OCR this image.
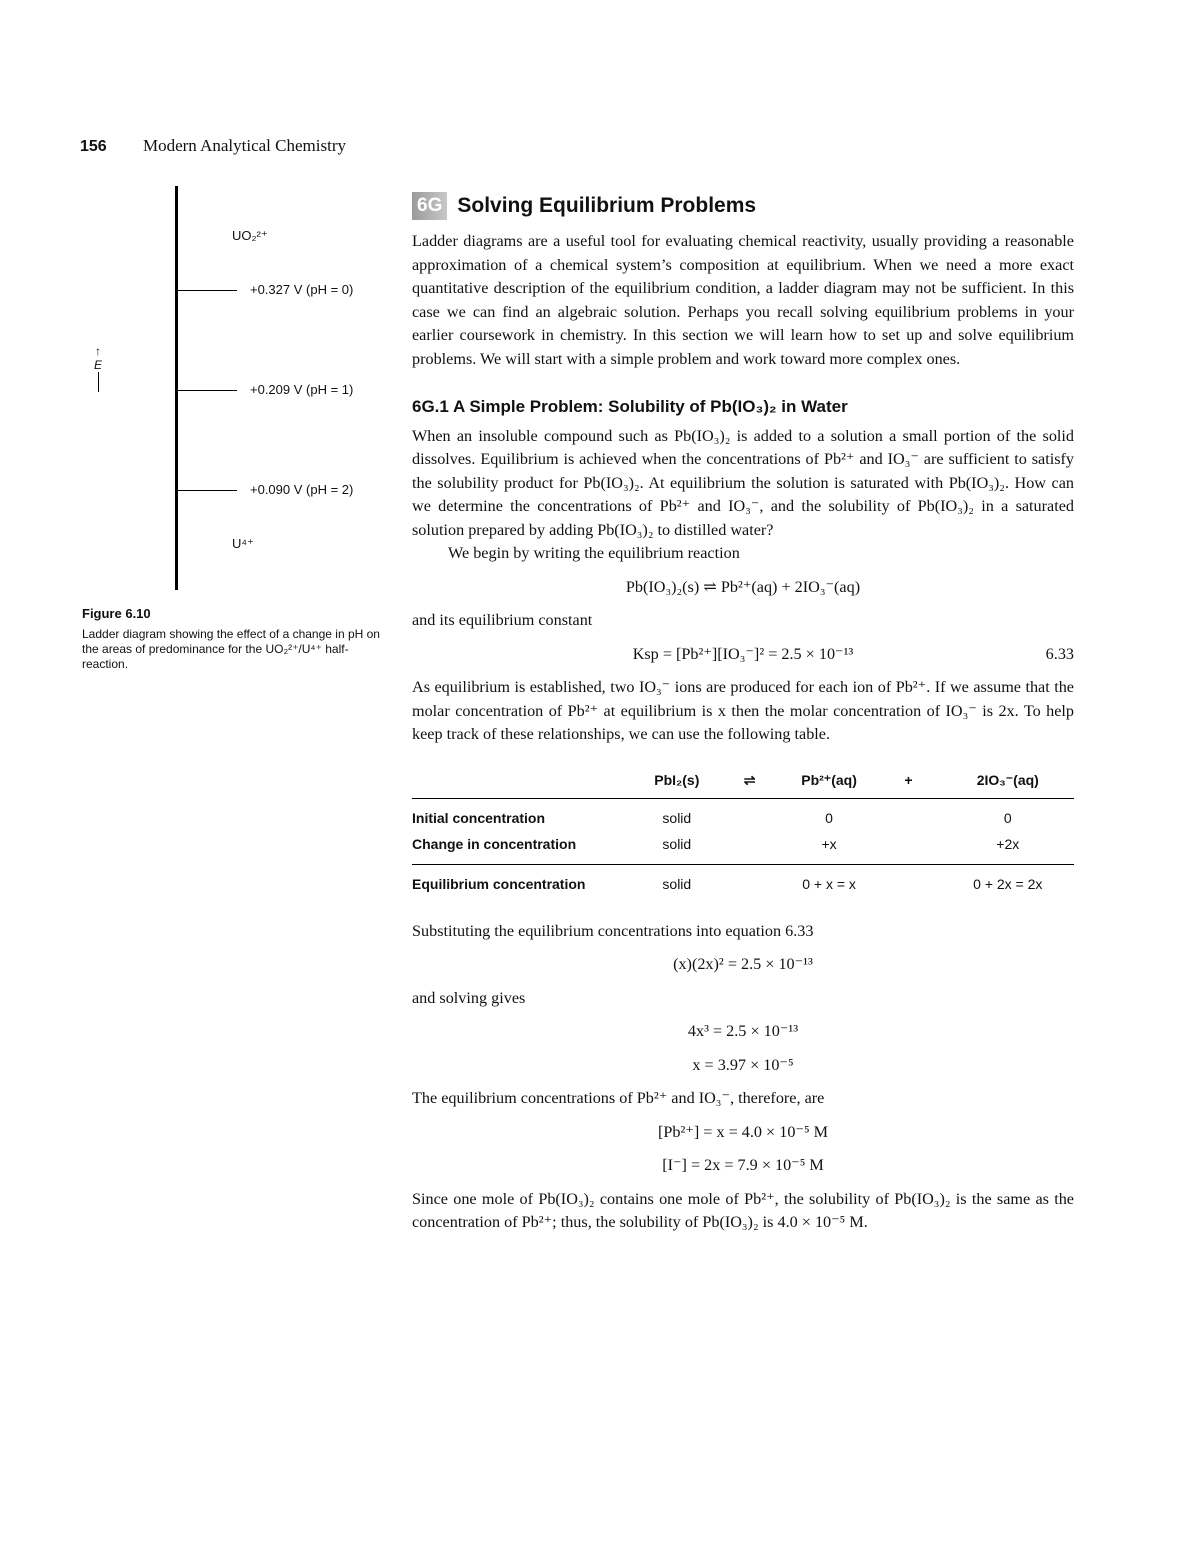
156 Modern Analytical Chemistry
UO₂²⁺
+0.327 V (pH = 0)
+0.209 V (pH = 1)
+0.090 V (pH = 2)
U⁴⁺
↑
E
Figure 6.10
Ladder diagram showing the effect of a change in pH on the areas of predominance for the UO₂²⁺/U⁴⁺ half-reaction.
6G Solving Equilibrium Problems

Ladder diagrams are a useful tool for evaluating chemical reactivity, usually providing a reasonable approximation of a chemical system’s composition at equilibrium. When we need a more exact quantitative description of the equilibrium condition, a ladder diagram may not be sufficient. In this case we can find an algebraic solution. Perhaps you recall solving equilibrium problems in your earlier coursework in chemistry. In this section we will learn how to set up and solve equilibrium problems. We will start with a simple problem and work toward more complex ones.

6G.1 A Simple Problem: Solubility of Pb(IO₃)₂ in Water

When an insoluble compound such as Pb(IO₃)₂ is added to a solution a small portion of the solid dissolves. Equilibrium is achieved when the concentrations of Pb²⁺ and IO₃⁻ are sufficient to satisfy the solubility product for Pb(IO₃)₂. At equilibrium the solution is saturated with Pb(IO₃)₂. How can we determine the concentrations of Pb²⁺ and IO₃⁻, and the solubility of Pb(IO₃)₂ in a saturated solution prepared by adding Pb(IO₃)₂ to distilled water?

We begin by writing the equilibrium reaction

Pb(IO₃)₂(s) ⇌ Pb²⁺(aq) + 2IO₃⁻(aq)

and its equilibrium constant

Ksp = [Pb²⁺][IO₃⁻]² = 2.5 × 10⁻¹³	6.33

As equilibrium is established, two IO₃⁻ ions are produced for each ion of Pb²⁺. If we assume that the molar concentration of Pb²⁺ at equilibrium is x then the molar concentration of IO₃⁻ is 2x. To help keep track of these relationships, we can use the following table.

	PbI₂(s)	⇌	Pb²⁺(aq)	+	2IO₃⁻(aq)
Initial concentration	solid		0		0
Change in concentration	solid		+x		+2x
Equilibrium concentration	solid		0 + x = x		0 + 2x = 2x

Substituting the equilibrium concentrations into equation 6.33

(x)(2x)² = 2.5 × 10⁻¹³

and solving gives

4x³ = 2.5 × 10⁻¹³
x = 3.97 × 10⁻⁵

The equilibrium concentrations of Pb²⁺ and IO₃⁻, therefore, are

[Pb²⁺] = x = 4.0 × 10⁻⁵ M
[I⁻] = 2x = 7.9 × 10⁻⁵ M

Since one mole of Pb(IO₃)₂ contains one mole of Pb²⁺, the solubility of Pb(IO₃)₂ is the same as the concentration of Pb²⁺; thus, the solubility of Pb(IO₃)₂ is 4.0 × 10⁻⁵ M.
